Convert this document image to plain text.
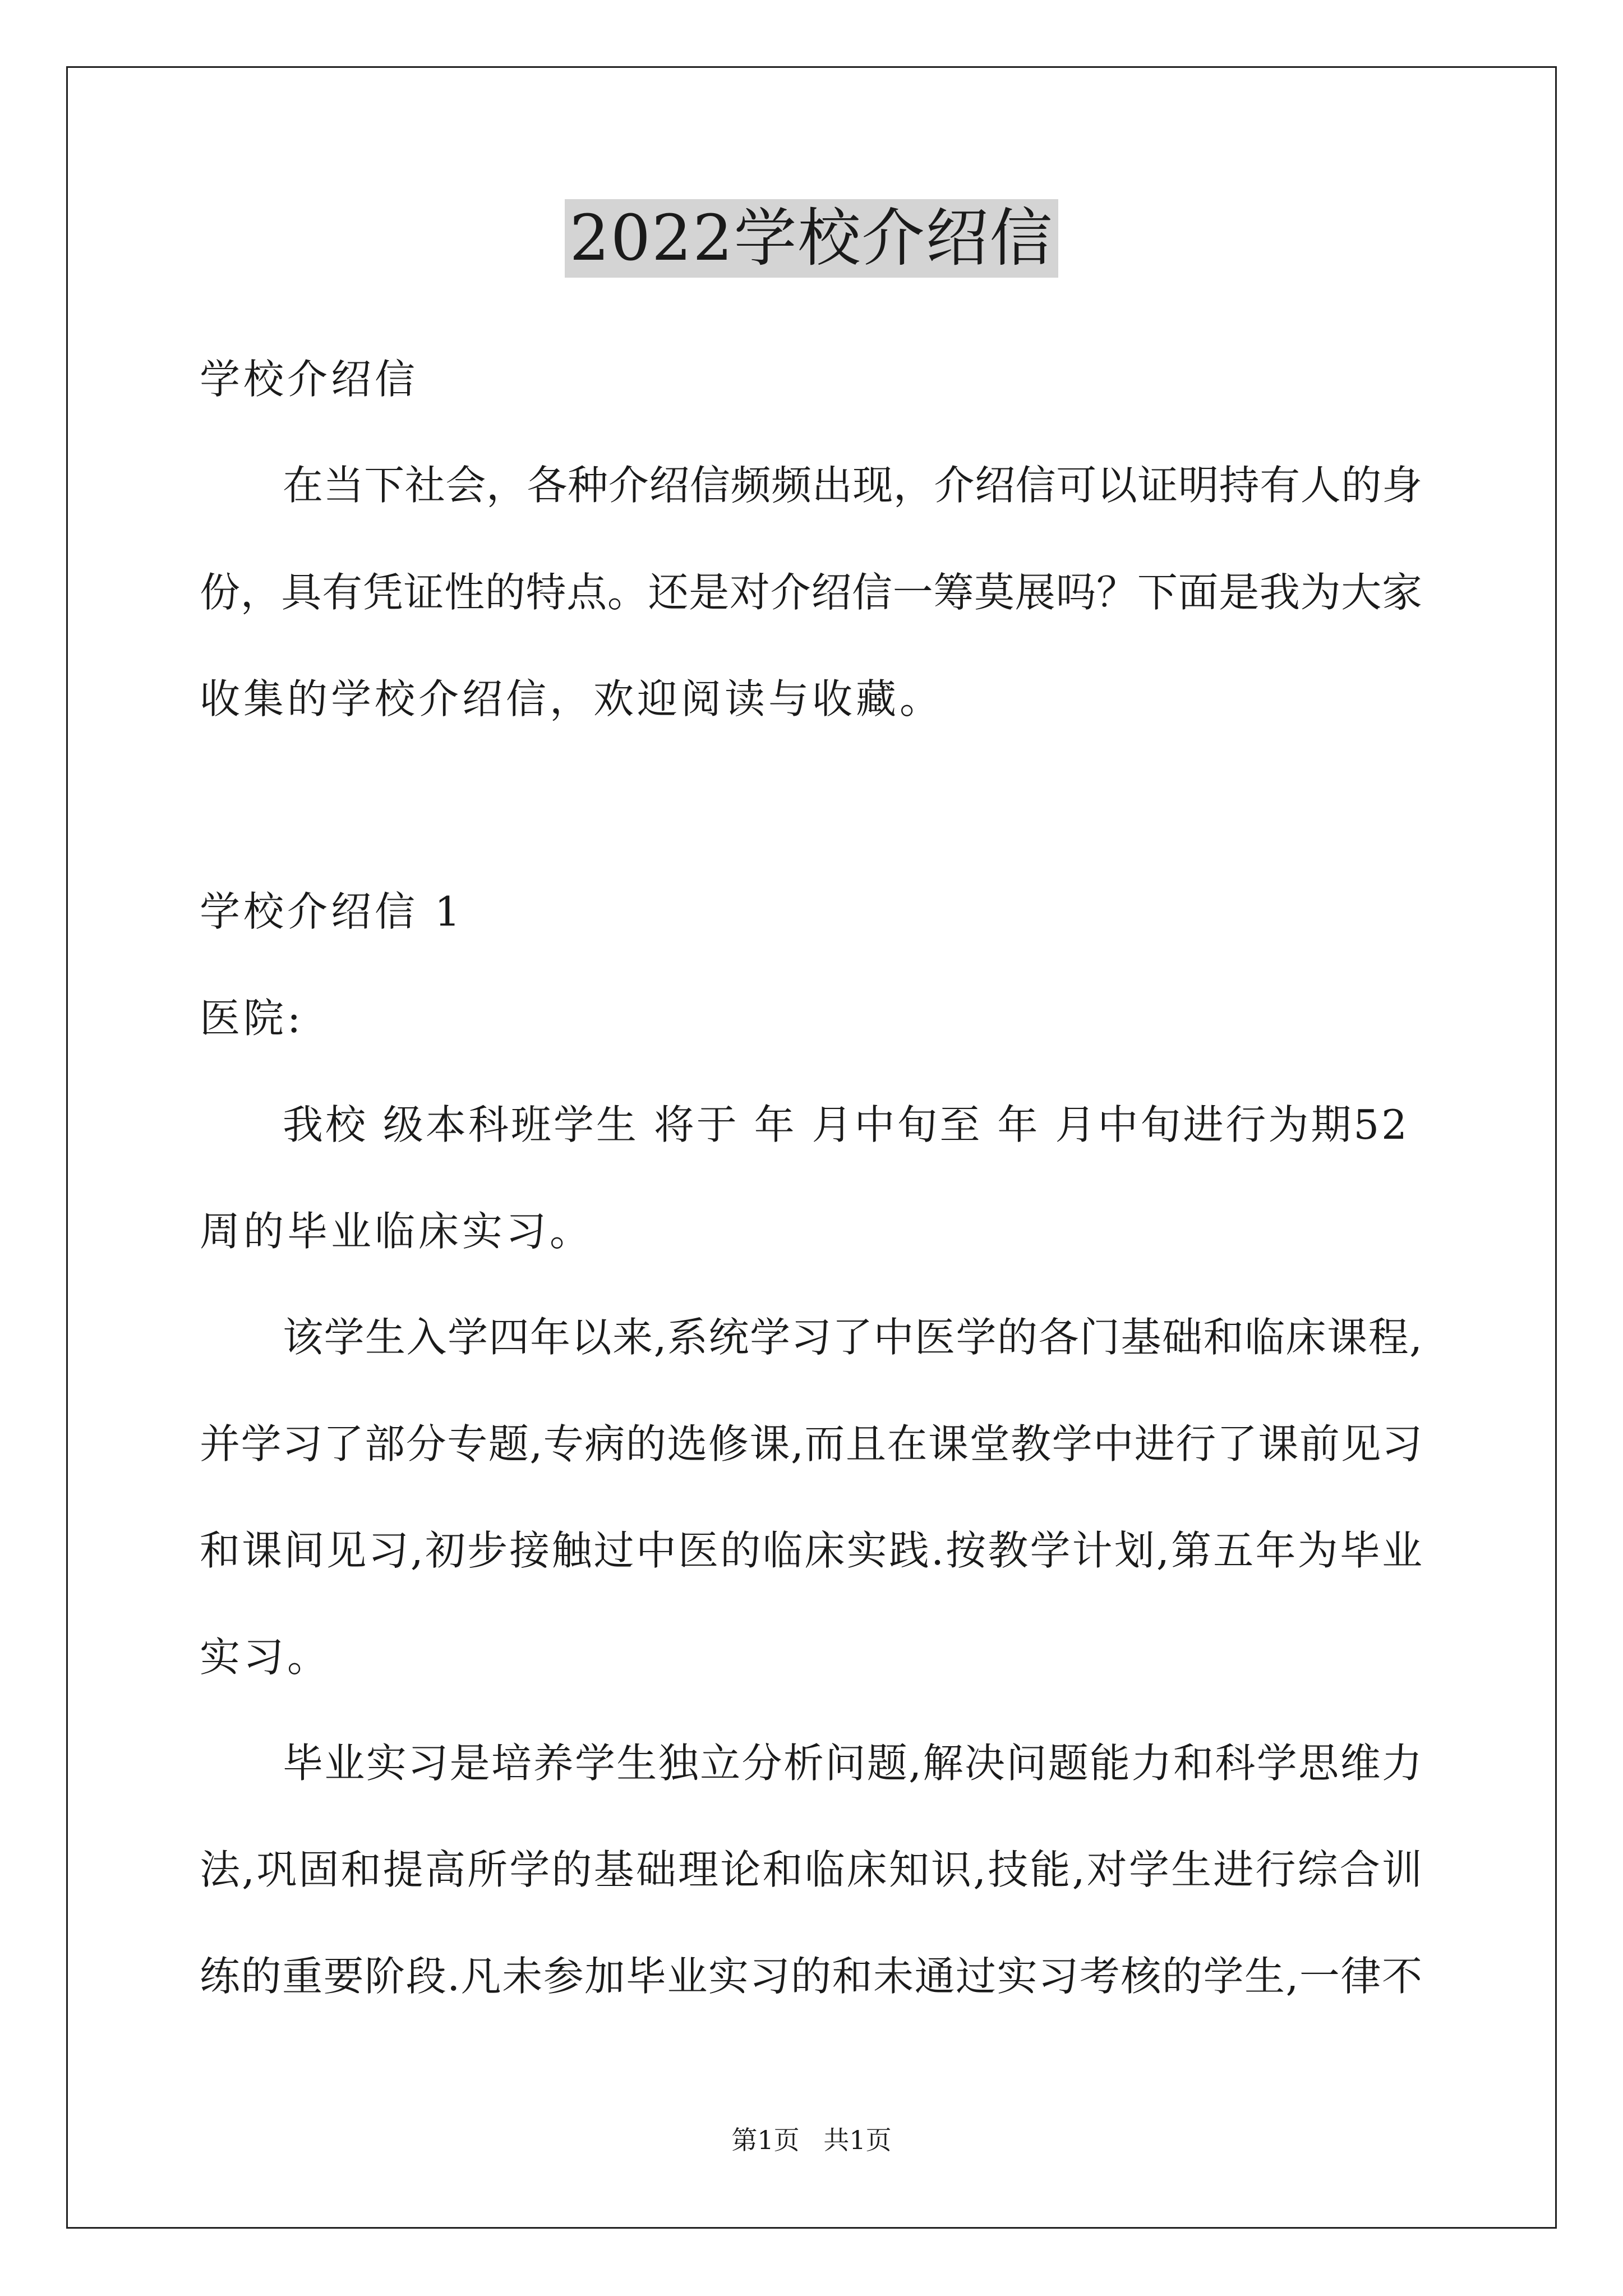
2022学校介绍信
学校介绍信
在当下社会，各种介绍信频频出现，介绍信可以证明持有人的身
份，具有凭证性的特点。还是对介绍信一筹莫展吗？下面是我为大家
收集的学校介绍信，欢迎阅读与收藏。
学校介绍信 1
医院:
我校 级本科班学生 将于 年 月中旬至 年 月中旬进行为期52
周的毕业临床实习。
该学生入学四年以来,系统学习了中医学的各门基础和临床课程,
并学习了部分专题,专病的选修课,而且在课堂教学中进行了课前见习
和课间见习,初步接触过中医的临床实践.按教学计划,第五年为毕业
实习。
毕业实习是培养学生独立分析问题,解决问题能力和科学思维力
法,巩固和提高所学的基础理论和临床知识,技能,对学生进行综合训
练的重要阶段.凡未参加毕业实习的和未通过实习考核的学生,一律不
第1页 共1页
